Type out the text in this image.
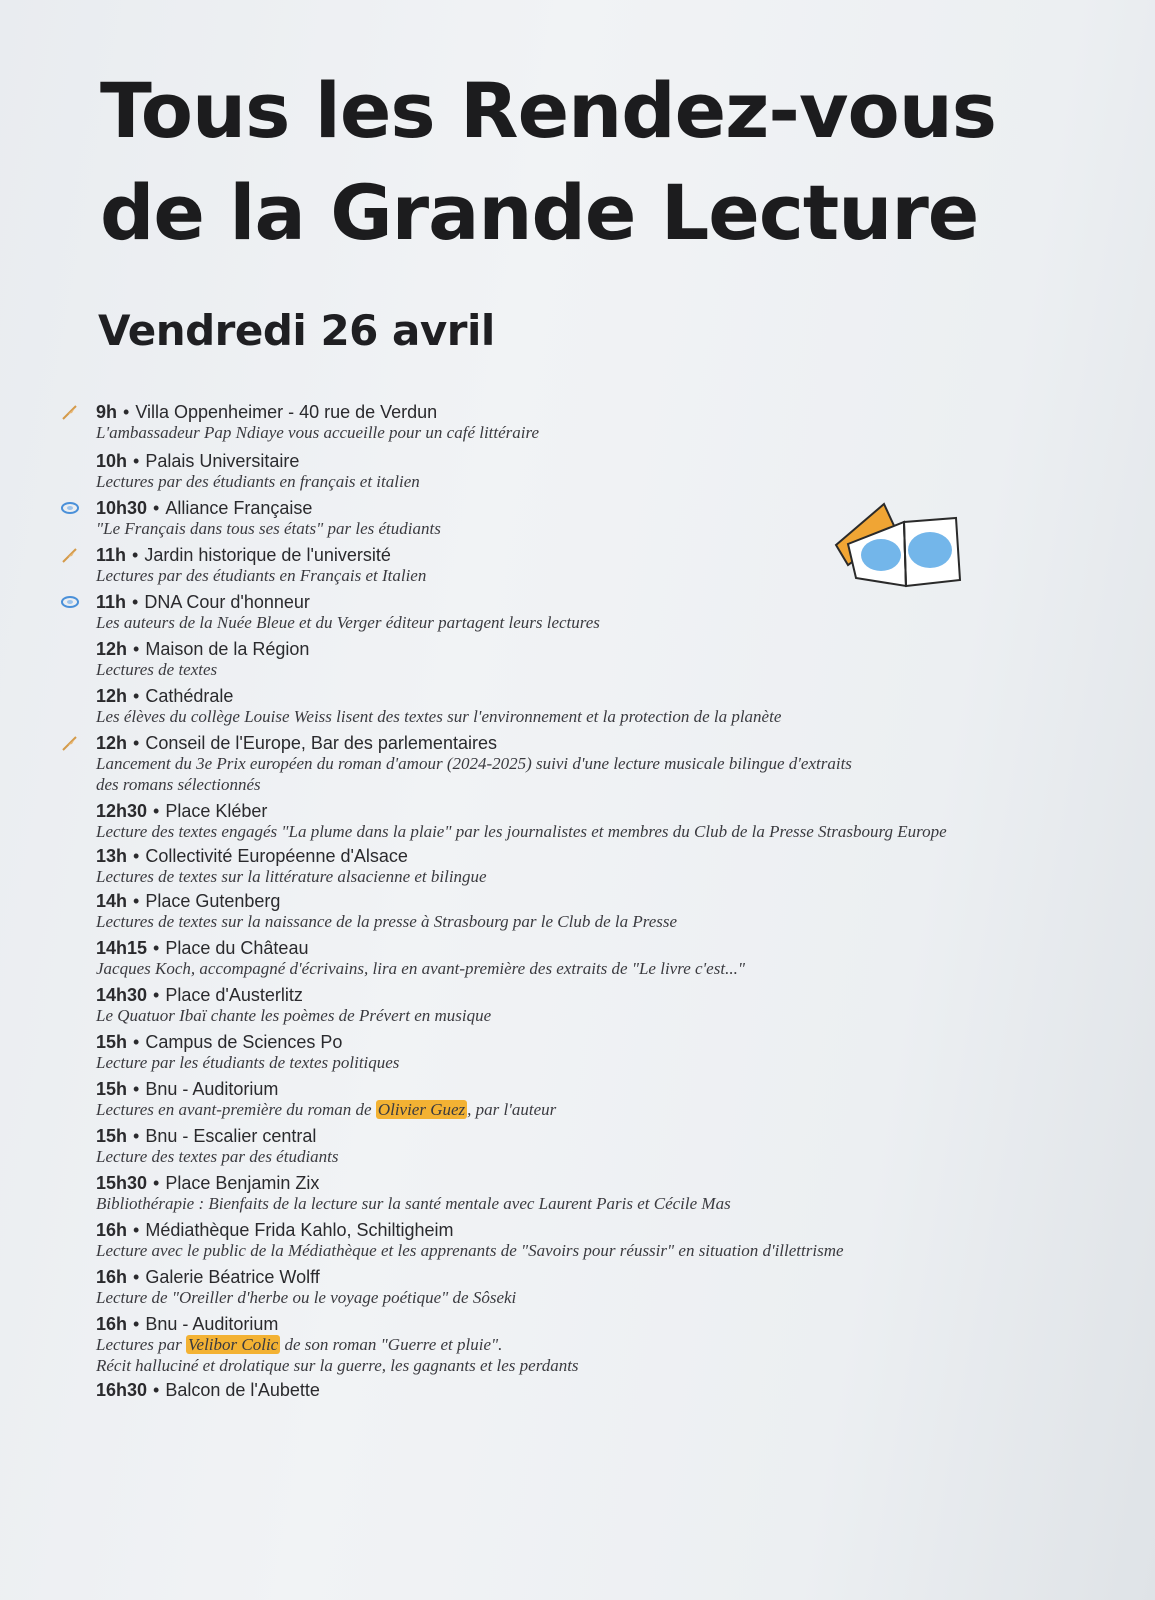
Tous les Rendez-vous
de la Grande Lecture
Vendredi 26 avril
9h • Villa Oppenheimer - 40 rue de Verdun
L'ambassadeur Pap Ndiaye vous accueille pour un café littéraire
10h • Palais Universitaire
Lectures par des étudiants en français et italien
10h30 • Alliance Française
"Le Français dans tous ses états" par les étudiants
11h • Jardin historique de l'université
Lectures par des étudiants en Français et Italien
11h • DNA Cour d'honneur
Les auteurs de la Nuée Bleue et du Verger éditeur partagent leurs lectures
12h • Maison de la Région
Lectures de textes
12h • Cathédrale
Les élèves du collège Louise Weiss lisent des textes sur l'environnement et la protection de la planète
12h • Conseil de l'Europe, Bar des parlementaires
Lancement du 3e Prix européen du roman d'amour (2024-2025) suivi d'une lecture musicale bilingue d'extraits
des romans sélectionnés
12h30 • Place Kléber
Lecture des textes engagés "La plume dans la plaie" par les journalistes et membres du Club de la Presse Strasbourg Europe
13h • Collectivité Européenne d'Alsace
Lectures de textes sur la littérature alsacienne et bilingue
14h • Place Gutenberg
Lectures de textes sur la naissance de la presse à Strasbourg par le Club de la Presse
14h15 • Place du Château
Jacques Koch, accompagné d'écrivains, lira en avant-première des extraits de "Le livre c'est..."
14h30 • Place d'Austerlitz
Le Quatuor Ibaï chante les poèmes de Prévert en musique
15h • Campus de Sciences Po
Lecture par les étudiants de textes politiques
15h • Bnu - Auditorium
Lectures en avant-première du roman de Olivier Guez , par l'auteur
15h • Bnu - Escalier central
Lecture des textes par des étudiants
15h30 • Place Benjamin Zix
Bibliothérapie : Bienfaits de la lecture sur la santé mentale avec Laurent Paris et Cécile Mas
16h • Médiathèque Frida Kahlo, Schiltigheim
Lecture avec le public de la Médiathèque et les apprenants de "Savoirs pour réussir" en situation d'illettrisme
16h • Galerie Béatrice Wolff
Lecture de "Oreiller d'herbe ou le voyage poétique" de Sôseki
16h • Bnu - Auditorium
Lectures par Velibor Colic de son roman "Guerre et pluie".
Récit halluciné et drolatique sur la guerre, les gagnants et les perdants
16h30 • Balcon de l'Aubette
